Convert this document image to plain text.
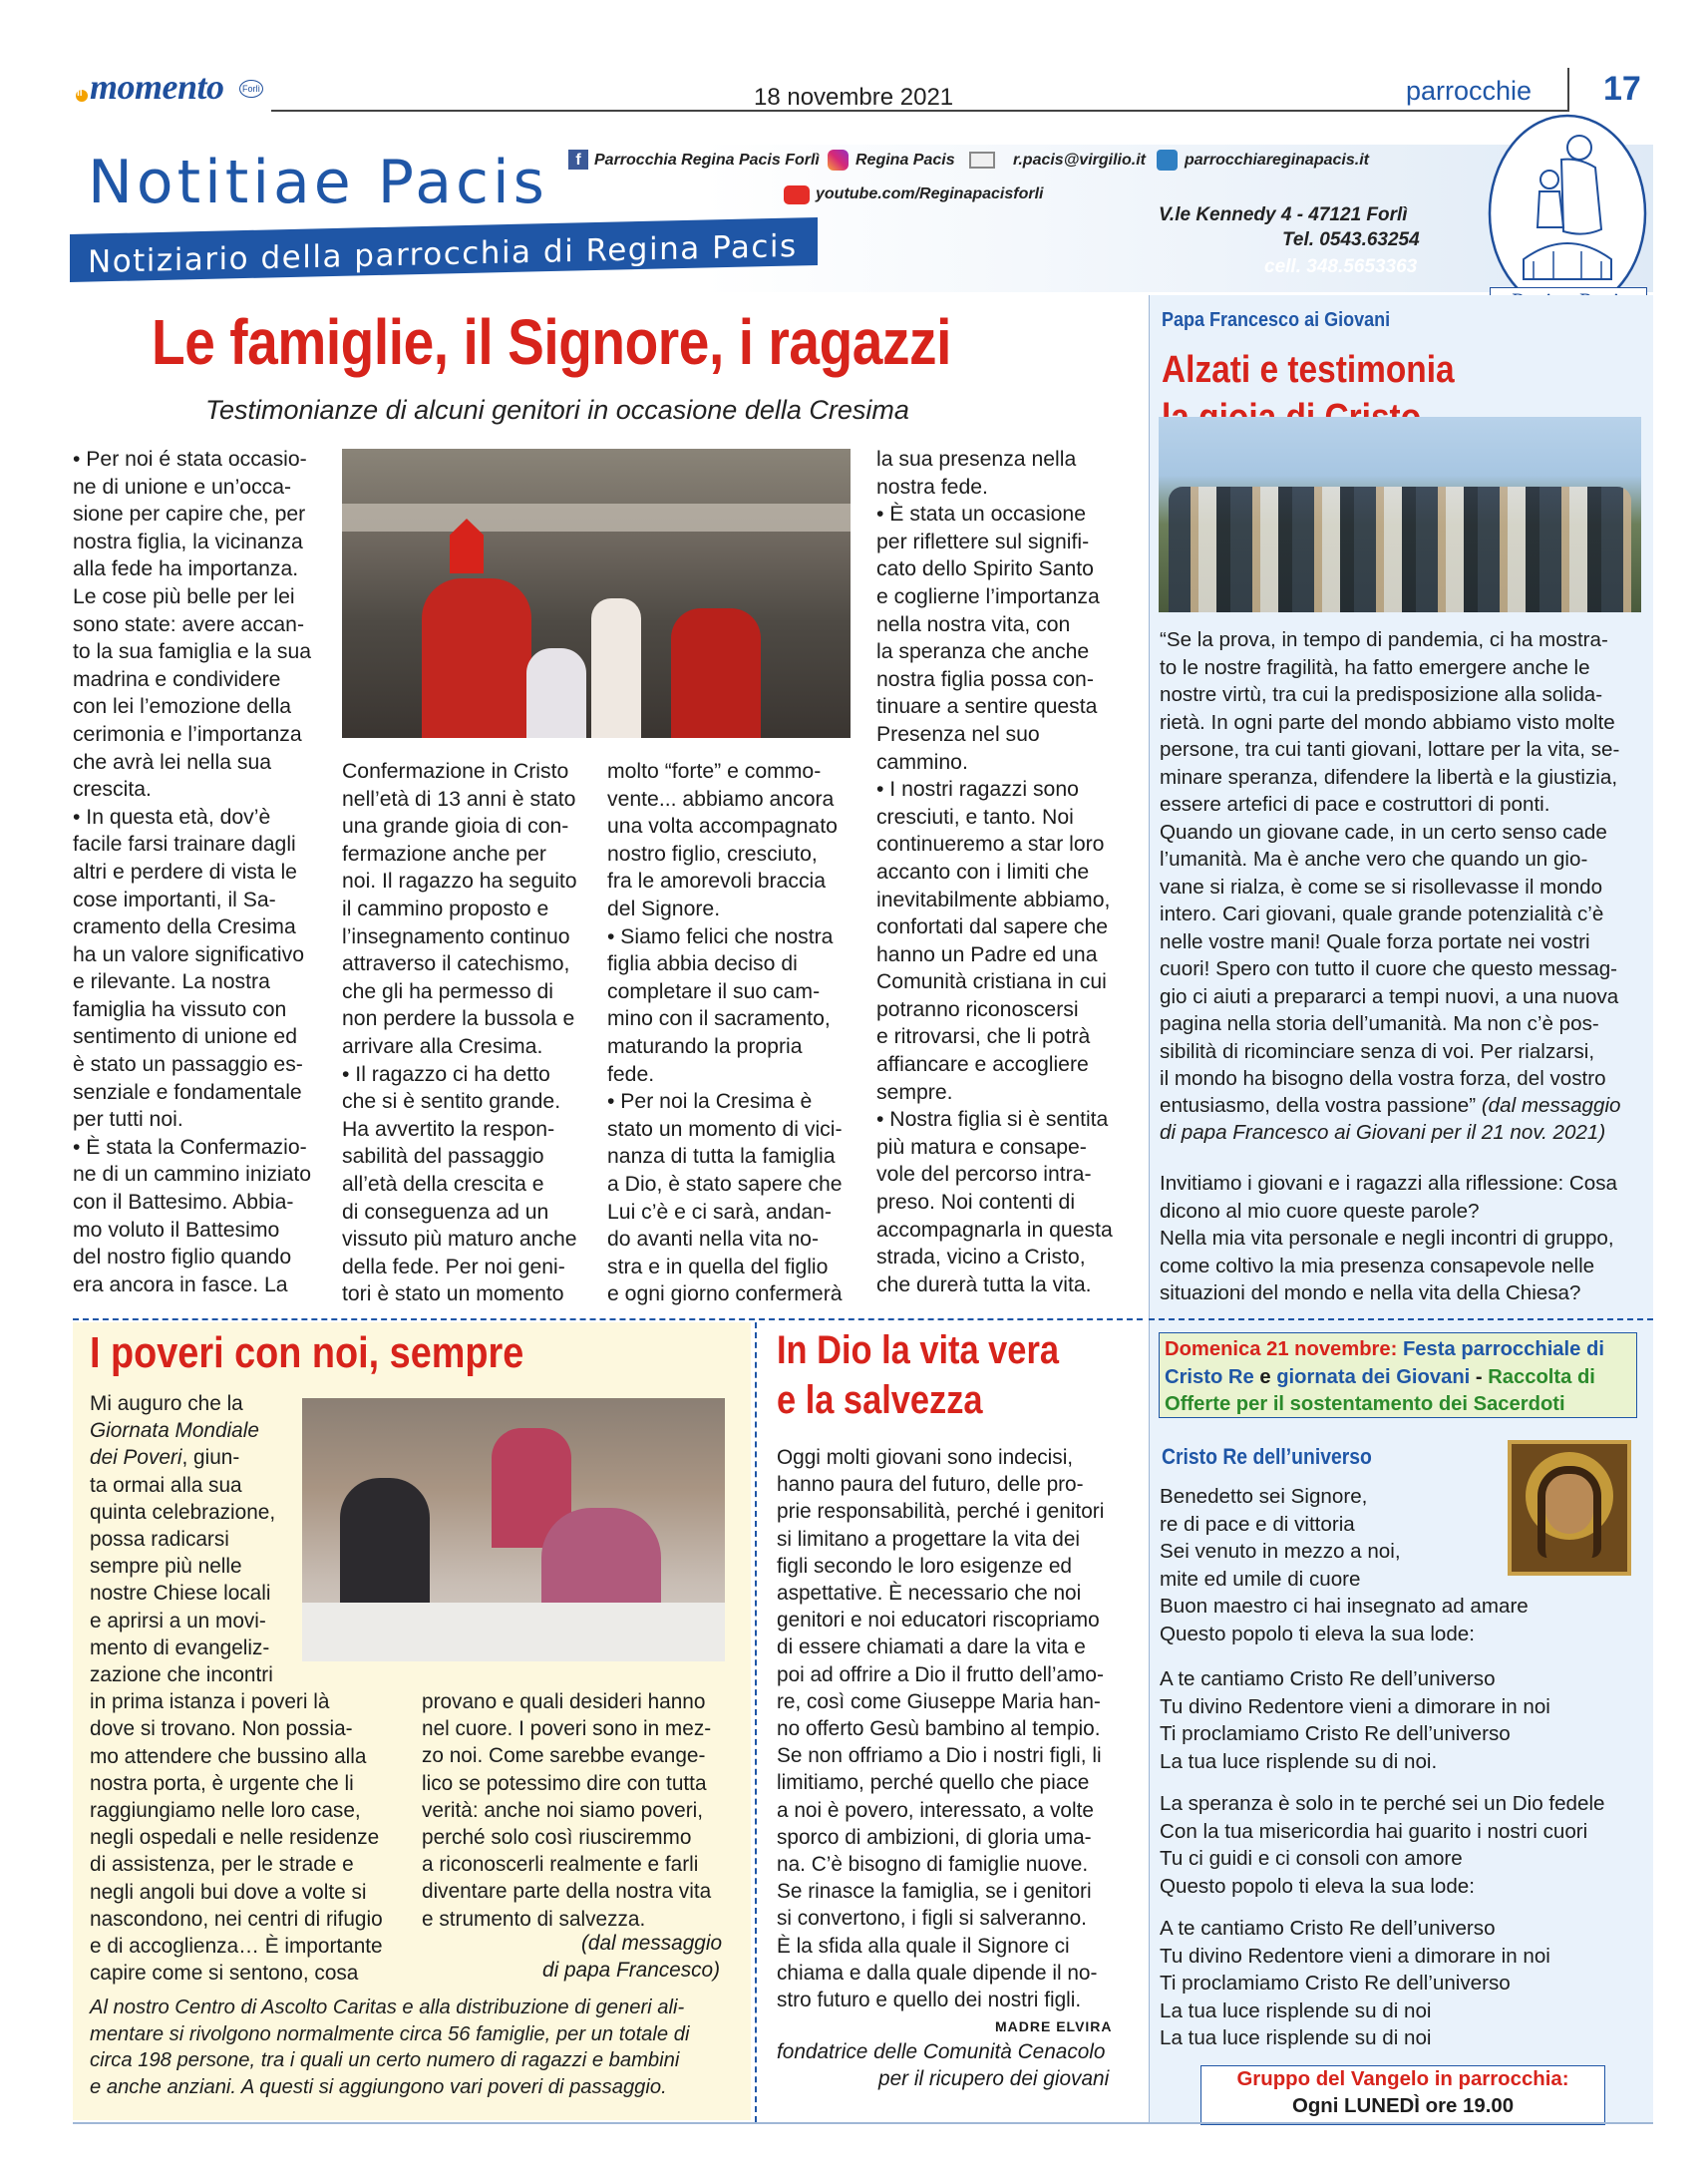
il momento	Forlì	18 novembre 2021	parrocchie 17
Notitiae Pacis
Notiziario della parrocchia di Regina Pacis
f Parrocchia Regina Pacis Forlì Regina Pacis	r.pacis@virgilio.it parrocchiareginapacis.it
youtube.com/Reginapacisforli
V.le Kennedy 4 - 47121 Forlì
Tel. 0543.63254
cell. 348.5653363
Le famiglie, il Signore, i ragazzi
Testimonianze di alcuni genitori in occasione della Cresima
• Per noi é stata occasio-
ne di unione e un’occa-
sione per capire che, per
nostra figlia, la vicinanza
alla fede ha importanza.
Le cose più belle per lei
sono state: avere accan-
to la sua famiglia e la sua
madrina e condividere
con lei l’emozione della
cerimonia e l’importanza
che avrà lei nella sua
crescita.
• In questa età, dov’è
facile farsi trainare dagli
altri e perdere di vista le
cose importanti, il Sa-
cramento della Cresima
ha un valore significativo
e rilevante. La nostra
famiglia ha vissuto con
sentimento di unione ed
è stato un passaggio es-
senziale e fondamentale
per tutti noi.
• È stata la Confermazio-
ne di un cammino iniziato
con il Battesimo. Abbia-
mo voluto il Battesimo
del nostro figlio quando
era ancora in fasce. La
Confermazione in Cristo
nell’età di 13 anni è stato
una grande gioia di con-
fermazione anche per
noi. Il ragazzo ha seguito
il cammino proposto e
l’insegnamento continuo
attraverso il catechismo,
che gli ha permesso di
non perdere la bussola e
arrivare alla Cresima.
• Il ragazzo ci ha detto
che si è sentito grande.
Ha avvertito la respon-
sabilità del passaggio
all’età della crescita e
di conseguenza ad un
vissuto più maturo anche
della fede. Per noi geni-
tori è stato un momento
molto “forte” e commo-
vente... abbiamo ancora
una volta accompagnato
nostro figlio, cresciuto,
fra le amorevoli braccia
del Signore.
• Siamo felici che nostra
figlia abbia deciso di
completare il suo cam-
mino con il sacramento,
maturando la propria
fede.
• Per noi la Cresima è
stato un momento di vici-
nanza di tutta la famiglia
a Dio, è stato sapere che
Lui c’è e ci sarà, andan-
do avanti nella vita no-
stra e in quella del figlio
e ogni giorno confermerà
la sua presenza nella
nostra fede.
• È stata un occasione
per riflettere sul signifi-
cato dello Spirito Santo
e coglierne l’importanza
nella nostra vita, con
la speranza che anche
nostra figlia possa con-
tinuare a sentire questa
Presenza nel suo
cammino.
• I nostri ragazzi sono
cresciuti, e tanto. Noi
continueremo a star loro
accanto con i limiti che
inevitabilmente abbiamo,
confortati dal sapere che
hanno un Padre ed una
Comunità cristiana in cui
potranno riconoscersi
e ritrovarsi, che li potrà
affiancare e accogliere
sempre.
• Nostra figlia si è sentita
più matura e consape-
vole del percorso intra-
preso. Noi contenti di
accompagnarla in questa
strada, vicino a Cristo,
che durerà tutta la vita.
Papa Francesco ai Giovani
Alzati e testimonia
“Se la prova, in tempo di pandemia, ci ha mostra-
to le nostre fragilità, ha fatto emergere anche le
nostre virtù, tra cui la predisposizione alla solida-
rietà. In ogni parte del mondo abbiamo visto molte
persone, tra cui tanti giovani, lottare per la vita, se-
minare speranza, difendere la libertà e la giustizia,
essere artefici di pace e costruttori di ponti.
Quando un giovane cade, in un certo senso cade
l’umanità. Ma è anche vero che quando un gio-
vane si rialza, è come se si risollevasse il mondo
intero. Cari giovani, quale grande potenzialità c’è
nelle vostre mani! Quale forza portate nei vostri
cuori! Spero con tutto il cuore che questo messag-
gio ci aiuti a prepararci a tempi nuovi, a una nuova
pagina nella storia dell’umanità. Ma non c’è pos-
sibilità di ricominciare senza di voi. Per rialzarsi,
il mondo ha bisogno della vostra forza, del vostro
entusiasmo, della vostra passione” (dal messaggio
di papa Francesco ai Giovani per il 21 nov. 2021)
Invitiamo i giovani e i ragazzi alla riflessione: Cosa
dicono al mio cuore queste parole?
Nella mia vita personale e negli incontri di gruppo,
come coltivo la mia presenza consapevole nelle
situazioni del mondo e nella vita della Chiesa?
I poveri con noi, sempre
Mi auguro che la
Giornata Mondiale
dei Poveri, giun-
ta ormai alla sua
quinta celebrazione,
possa radicarsi
sempre più nelle
nostre Chiese locali
e aprirsi a un movi-
mento di evangeliz-
zazione che incontri
in prima istanza i poveri là
dove si trovano. Non possia-
mo attendere che bussino alla
nostra porta, è urgente che li
raggiungiamo nelle loro case,
negli ospedali e nelle residenze
di assistenza, per le strade e
negli angoli bui dove a volte si
nascondono, nei centri di rifugio
e di accoglienza… È importante
capire come si sentono, cosa
provano e quali desideri hanno
nel cuore. I poveri sono in mez-
zo noi. Come sarebbe evange-
lico se potessimo dire con tutta
verità: anche noi siamo poveri,
perché solo così riusciremmo
a riconoscerli realmente e farli
diventare parte della nostra vita
e strumento di salvezza.
(dal messaggio
di papa Francesco)
Al nostro Centro di Ascolto Caritas e alla distribuzione di generi ali-
mentare si rivolgono normalmente circa 56 famiglie, per un totale di
circa 198 persone, tra i quali un certo numero di ragazzi e bambini
e anche anziani. A questi si aggiungono vari poveri di passaggio.
In Dio la vita vera
e la salvezza
Oggi molti giovani sono indecisi,
hanno paura del futuro, delle pro-
prie responsabilità, perché i genitori
si limitano a progettare la vita dei
figli secondo le loro esigenze ed
aspettative. È necessario che noi
genitori e noi educatori riscopriamo
di essere chiamati a dare la vita e
poi ad offrire a Dio il frutto dell’amo-
re, così come Giuseppe Maria han-
no offerto Gesù bambino al tempio.
Se non offriamo a Dio i nostri figli, li
limitiamo, perché quello che piace
a noi è povero, interessato, a volte
sporco di ambizioni, di gloria uma-
na. C’è bisogno di famiglie nuove.
Se rinasce la famiglia, se i genitori
si convertono, i figli si salveranno.
È la sfida alla quale il Signore ci
chiama e dalla quale dipende il no-
stro futuro e quello dei nostri figli.
MADRE ELVIRA
fondatrice delle Comunità Cenacolo
per il ricupero dei giovani
Domenica 21 novembre: Festa parrocchiale di
Cristo Re e giornata dei Giovani - Raccolta di
Offerte per il sostentamento dei Sacerdoti
Cristo Re dell’universo
Benedetto sei Signore,
re di pace e di vittoria
Sei venuto in mezzo a noi,
mite ed umile di cuore
Buon maestro ci hai insegnato ad amare
Questo popolo ti eleva la sua lode:
A te cantiamo Cristo Re dell’universo
Tu divino Redentore vieni a dimorare in noi
Ti proclamiamo Cristo Re dell’universo
La tua luce risplende su di noi.
La speranza è solo in te perché sei un Dio fedele
Con la tua misericordia hai guarito i nostri cuori
Tu ci guidi e ci consoli con amore
Questo popolo ti eleva la sua lode:
A te cantiamo Cristo Re dell’universo
Tu divino Redentore vieni a dimorare in noi
Ti proclamiamo Cristo Re dell’universo
La tua luce risplende su di noi
La tua luce risplende su di noi
Gruppo del Vangelo in parrocchia:
Ogni LUNEDÌ ore 19.00
